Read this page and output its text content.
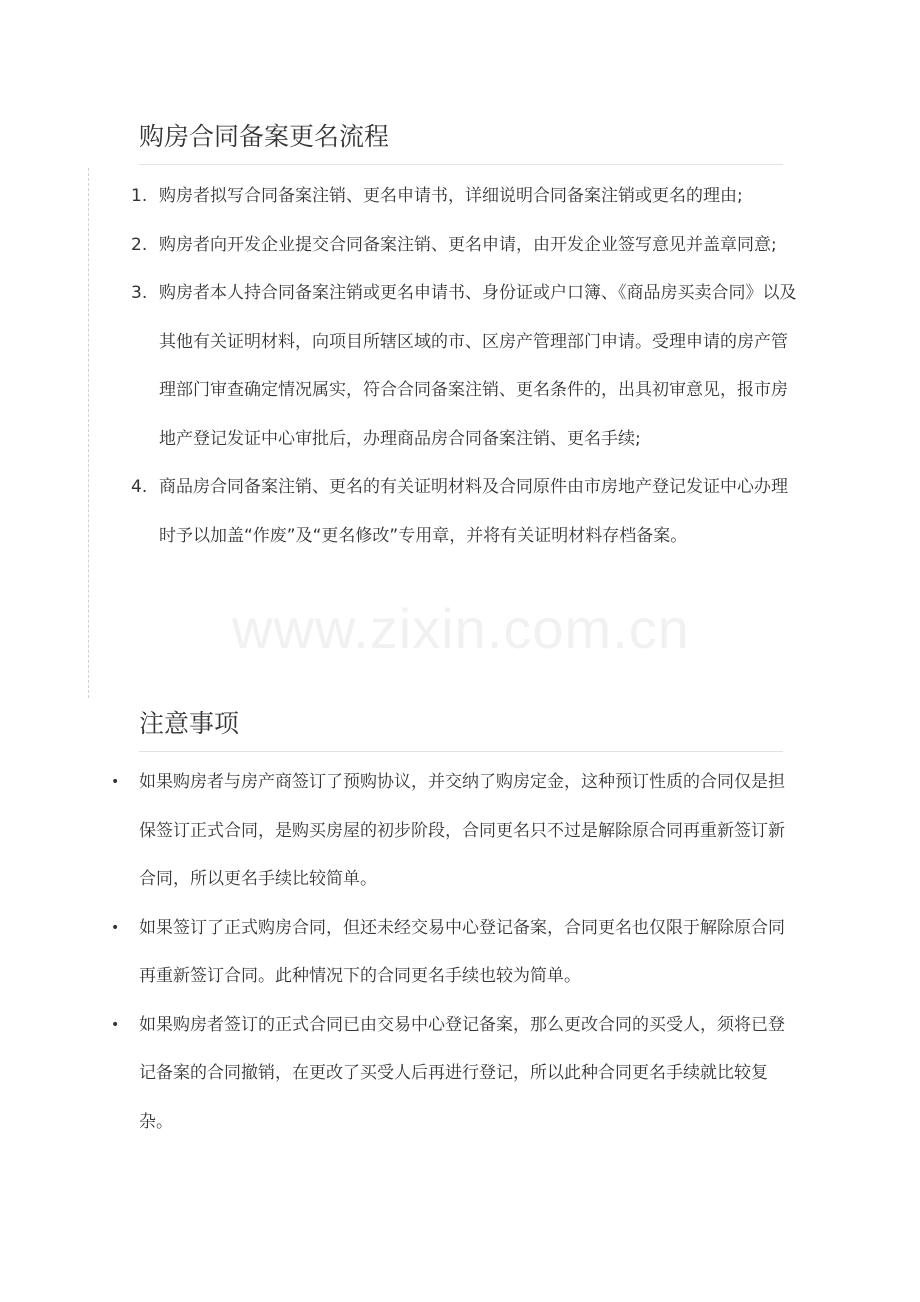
购房合同备案更名流程
1. 购房者拟写合同备案注销、更名申请书，详细说明合同备案注销或更名的理由;
2. 购房者向开发企业提交合同备案注销、更名申请，由开发企业签写意见并盖章同意;
3. 购房者本人持合同备案注销或更名申请书、身份证或户口簿、《商品房买卖合同》以及其他有关证明材料，向项目所辖区域的市、区房产管理部门申请。受理申请的房产管理部门审查确定情况属实，符合合同备案注销、更名条件的，出具初审意见，报市房地产登记发证中心审批后，办理商品房合同备案注销、更名手续;
4. 商品房合同备案注销、更名的有关证明材料及合同原件由市房地产登记发证中心办理时予以加盖“作废”及“更名修改”专用章，并将有关证明材料存档备案。
注意事项
• 如果购房者与房产商签订了预购协议，并交纳了购房定金，这种预订性质的合同仅是担保签订正式合同，是购买房屋的初步阶段，合同更名只不过是解除原合同再重新签订新合同，所以更名手续比较简单。
• 如果签订了正式购房合同，但还未经交易中心登记备案，合同更名也仅限于解除原合同再重新签订合同。此种情况下的合同更名手续也较为简单。
• 如果购房者签订的正式合同已由交易中心登记备案，那么更改合同的买受人，须将已登记备案的合同撤销，在更改了买受人后再进行登记，所以此种合同更名手续就比较复杂。
www.zixin.com.cn
